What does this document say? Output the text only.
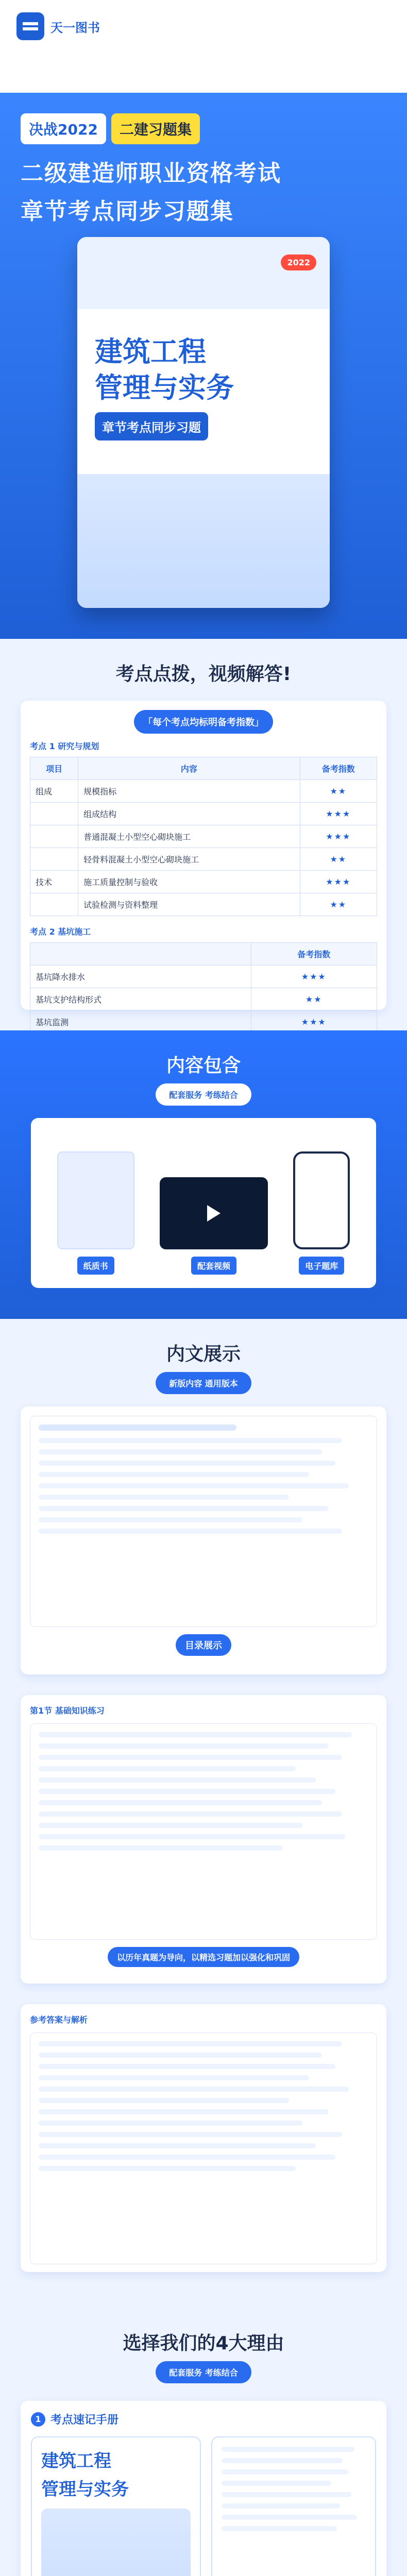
天一图书
决战2022	二建习题集
二级建造师职业资格考试
章节考点同步习题集
2022
建筑工程
管理与实务
章节考点同步习题
考点点拨，视频解答!
「每个考点均标明备考指数」
考点 1 研究与规划
项目	内容	备考指数
组成	规模指标	★★
	组成结构	★★★
	普通混凝土小型空心砌块施工	★★★
	轻骨料混凝土小型空心砌块施工	★★
技术	施工质量控制与验收	★★★
	试验检测与资料整理	★★
考点 2 基坑施工
	备考指数
基坑降水排水	★★★
基坑支护结构形式	★★
基坑监测	★★★

内容包含
配套服务 考练结合
纸质书	配套视频	电子题库
内文展示
新版内容 通用版本
目录展示
第1节 基础知识练习
以历年真题为导向，以精选习题加以强化和巩固
参考答案与解析
选择我们的4大理由
配套服务 考练结合
1 考点速记手册
建筑工程
管理与实务
